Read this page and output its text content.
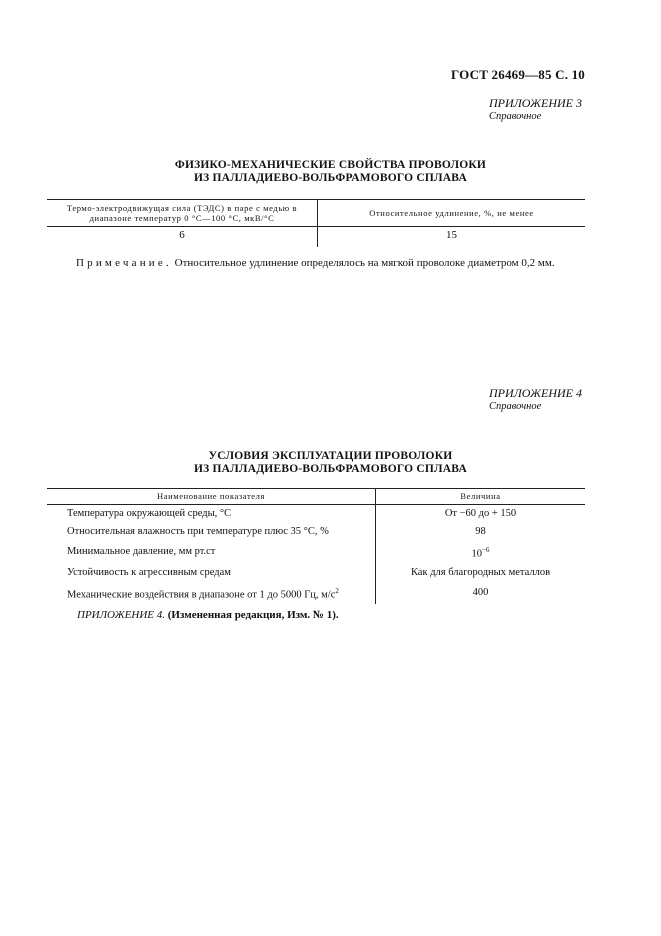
ГОСТ 26469—85 С. 10
ПРИЛОЖЕНИЕ 3
Справочное
ФИЗИКО-МЕХАНИЧЕСКИЕ СВОЙСТВА ПРОВОЛОКИ
ИЗ ПАЛЛАДИЕВО-ВОЛЬФРАМОВОГО СПЛАВА
Термо-электродвижущая сила (ТЭДС) в паре с медью в
диапазоне температур 0 °С—100 °С, мкВ/°С	Относительное удлинение, %, не менее
6	15
Примечание. Относительное удлинение определялось на мягкой проволоке диаметром 0,2 мм.
ПРИЛОЖЕНИЕ 4
Справочное
УСЛОВИЯ ЭКСПЛУАТАЦИИ ПРОВОЛОКИ
ИЗ ПАЛЛАДИЕВО-ВОЛЬФРАМОВОГО СПЛАВА
Наименование показателя	Величина
Температура окружающей среды, °С	От −60 до + 150
Относительная влажность при температуре плюс 35 °С, %	98
Минимальное давление, мм рт.ст	$10^{-6}$
Устойчивость к агрессивным средам	Как для благородных металлов
Механические воздействия в диапазоне от 1 до 5000 Гц, $м/с^2$	400
ПРИЛОЖЕНИЕ 4. (Измененная редакция, Изм. № 1).
